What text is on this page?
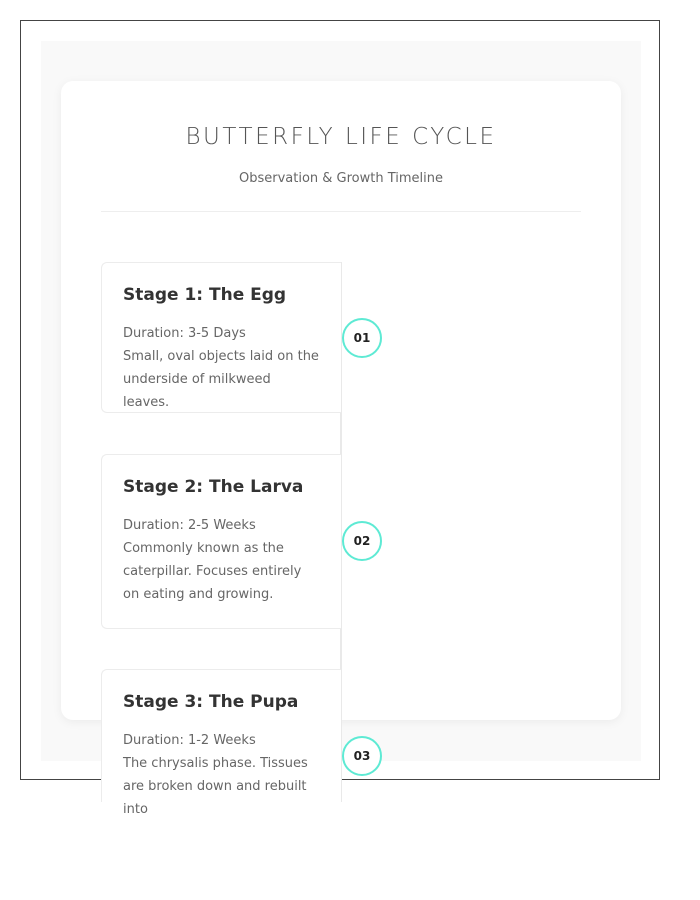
BUTTERFLY LIFE CYCLE
Observation & Growth Timeline
Stage 1: The Egg

Duration: 3-5 Days

Small, oval objects laid on the underside of milkweed leaves.

01
Stage 2: The Larva

Duration: 2-5 Weeks

Commonly known as the caterpillar. Focuses entirely on eating and growing.

02
Stage 3: The Pupa

Duration: 1-2 Weeks

The chrysalis phase. Tissues are broken down and rebuilt into

03
